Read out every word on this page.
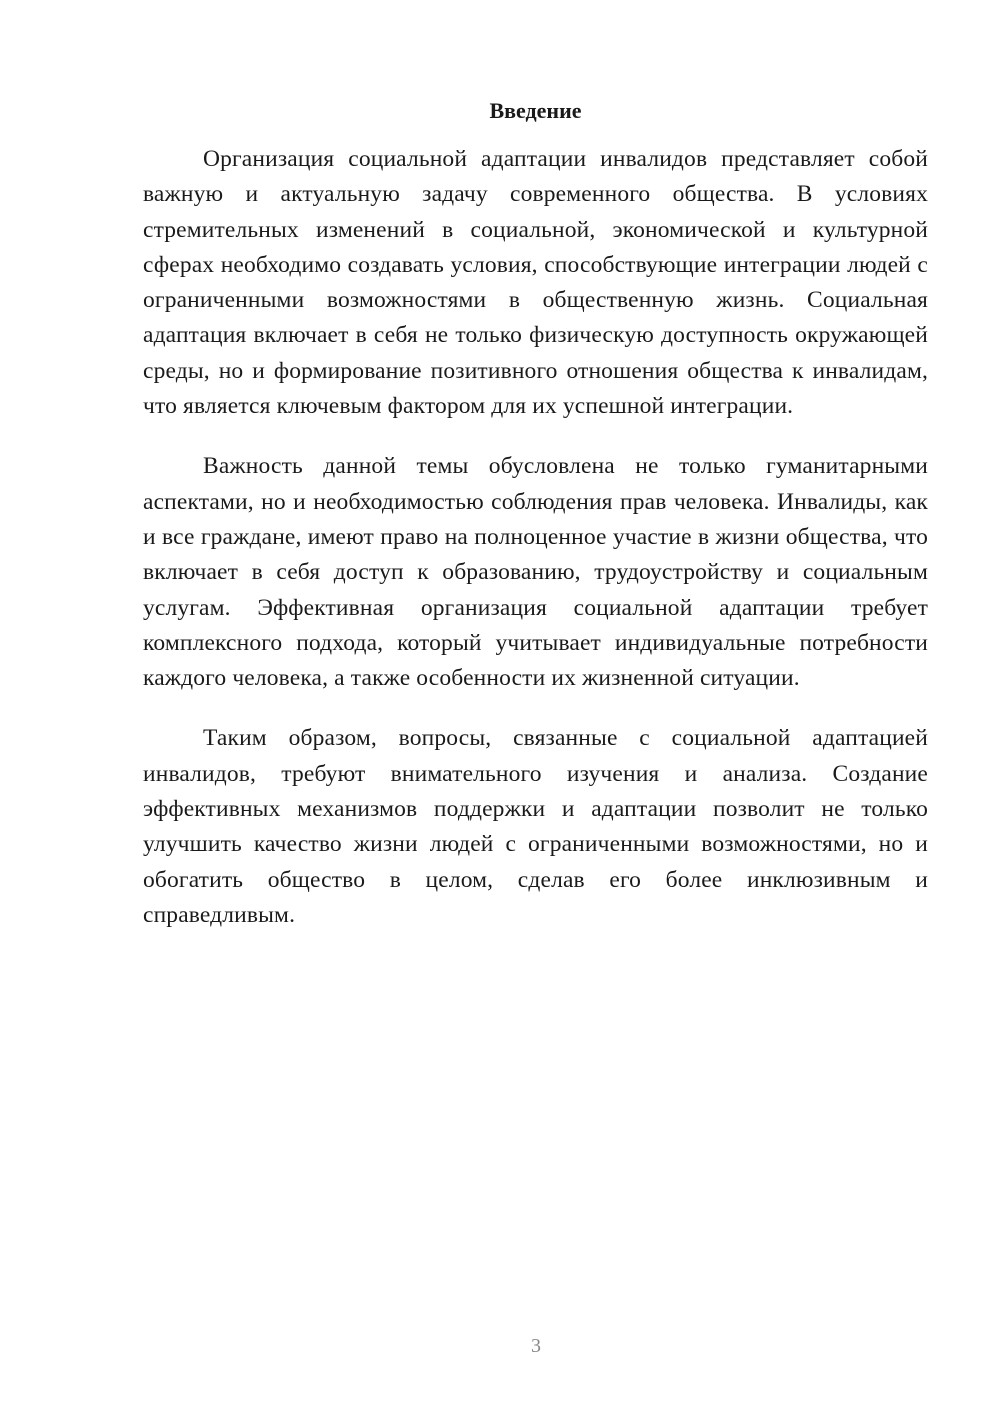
Введение

Организация социальной адаптации инвалидов представляет собой важную и актуальную задачу современного общества. В условиях стремительных изменений в социальной, экономической и культурной сферах необходимо создавать условия, способствующие интеграции людей с ограниченными возможностями в общественную жизнь. Социальная адаптация включает в себя не только физическую доступность окружающей среды, но и формирование позитивного отношения общества к инвалидам, что является ключевым фактором для их успешной интеграции.

Важность данной темы обусловлена не только гуманитарными аспектами, но и необходимостью соблюдения прав человека. Инвалиды, как и все граждане, имеют право на полноценное участие в жизни общества, что включает в себя доступ к образованию, трудоустройству и социальным услугам. Эффективная организация социальной адаптации требует комплексного подхода, который учитывает индивидуальные потребности каждого человека, а также особенности их жизненной ситуации.

Таким образом, вопросы, связанные с социальной адаптацией инвалидов, требуют внимательного изучения и анализа. Создание эффективных механизмов поддержки и адаптации позволит не только улучшить качество жизни людей с ограниченными возможностями, но и обогатить общество в целом, сделав его более инклюзивным и справедливым.

3
